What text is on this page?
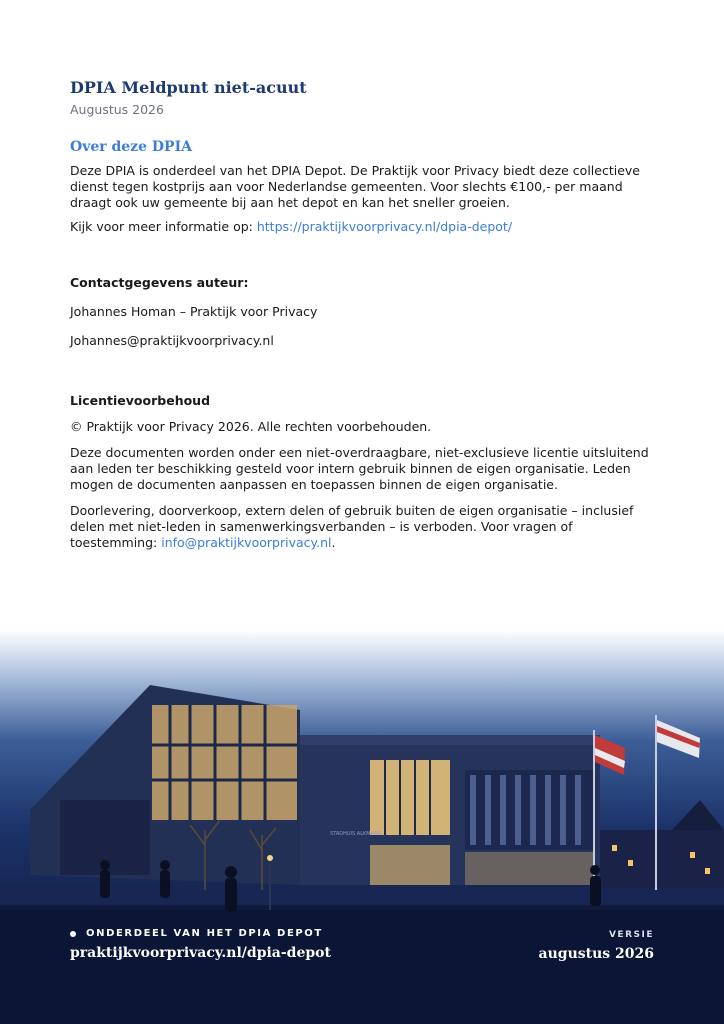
DPIA Meldpunt niet-acuut
Augustus 2026
Over deze DPIA

Deze DPIA is onderdeel van het DPIA Depot. De Praktijk voor Privacy biedt deze collectieve dienst tegen kostprijs aan voor Nederlandse gemeenten. Voor slechts €100,- per maand draagt ook uw gemeente bij aan het depot en kan het sneller groeien.

Kijk voor meer informatie op: https://praktijkvoorprivacy.nl/dpia-depot/

Contactgegevens auteur:

Johannes Homan – Praktijk voor Privacy

Johannes@praktijkvoorprivacy.nl

Licentievoorbehoud

© Praktijk voor Privacy 2026. Alle rechten voorbehouden.

Deze documenten worden onder een niet-overdraagbare, niet-exclusieve licentie uitsluitend aan leden ter beschikking gesteld voor intern gebruik binnen de eigen organisatie. Leden mogen de documenten aanpassen en toepassen binnen de eigen organisatie.

Doorlevering, doorverkoop, extern delen of gebruik buiten de eigen organisatie – inclusief delen met niet-leden in samenwerkingsverbanden – is verboden. Voor vragen of toestemming: info@praktijkvoorprivacy.nl.

STADHUIS ALKMAAR
ONDERDEEL VAN HET DPIA DEPOT
praktijkvoorprivacy.nl/dpia-depot
VERSIE
augustus 2026
